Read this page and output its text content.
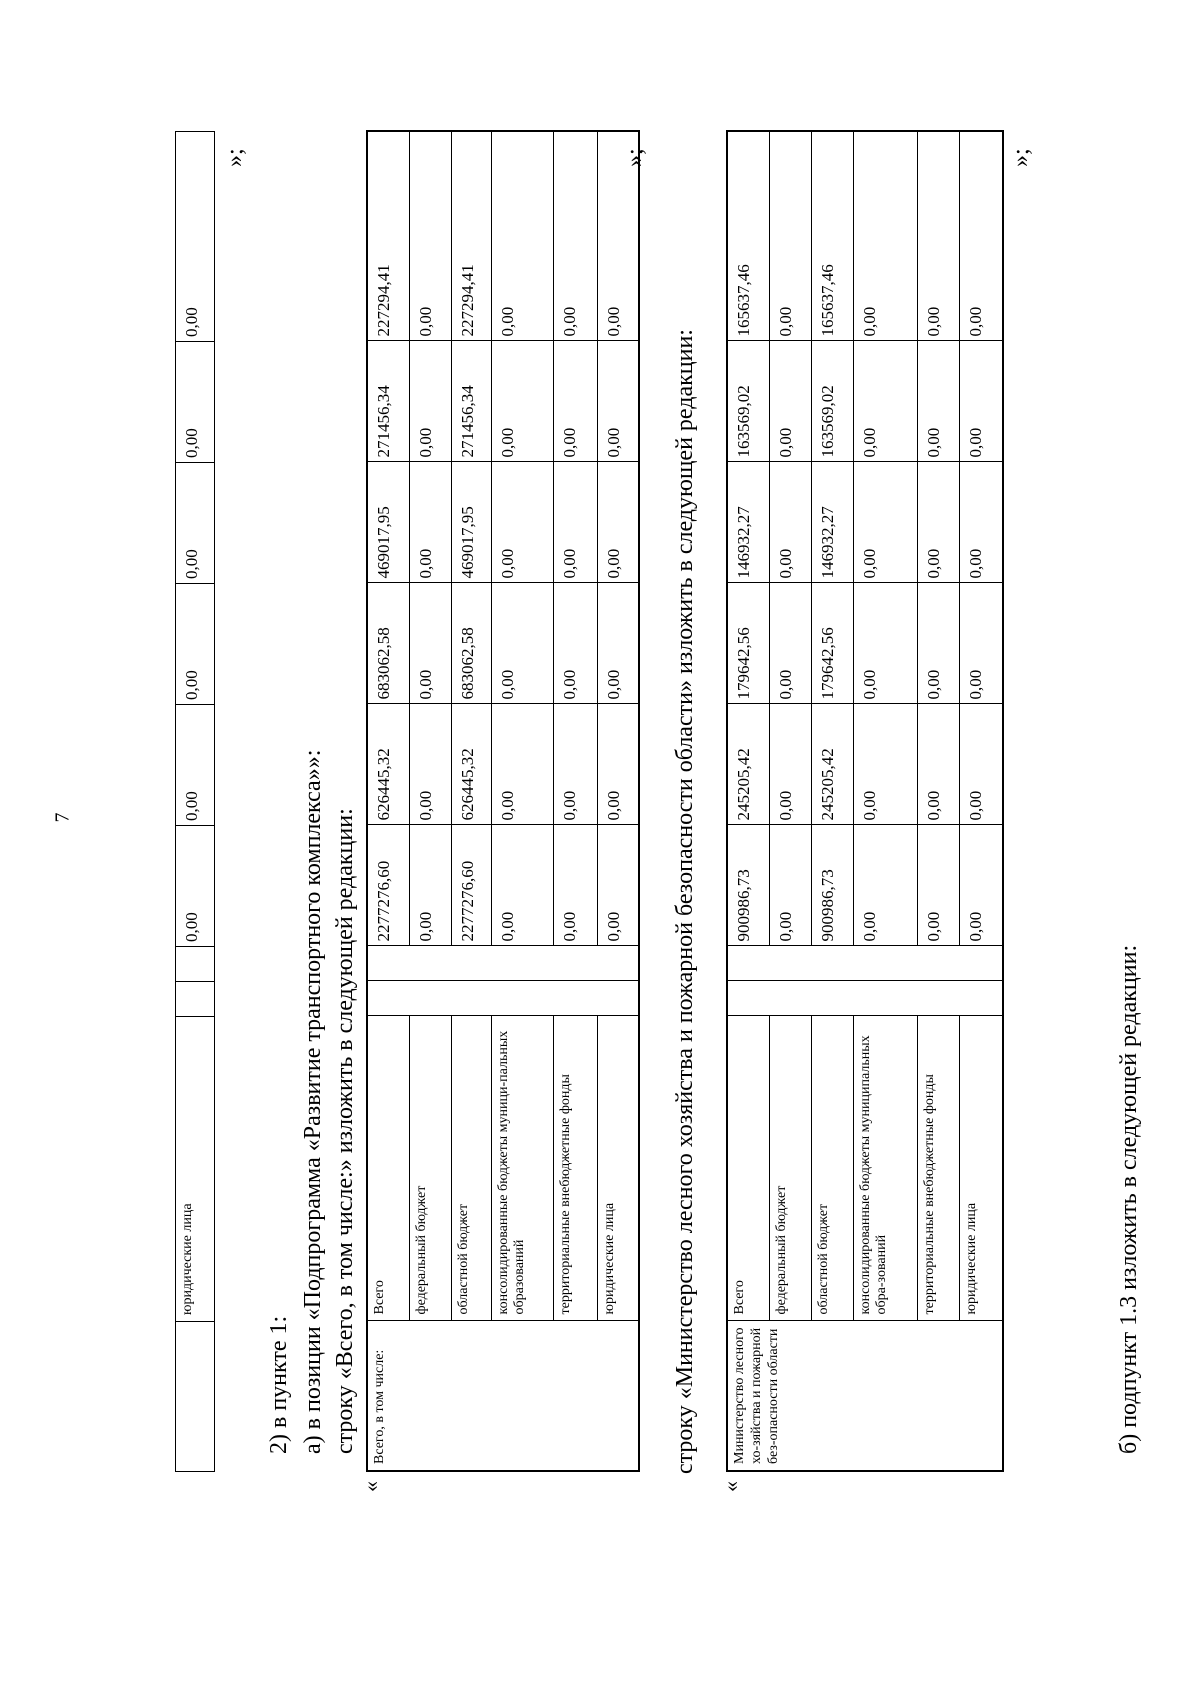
7
	юридические лица			0,00	0,00	0,00	0,00	0,00	0,00
»;
2) в пункте 1: а) в позиции «Подпрограмма «Развитие транспортного комплекса»»: строку «Всего, в том числе:» изложить в следующей редакции:
«
Всего, в том числе:	Всего			2277276,60	626445,32	683062,58	469017,95	271456,34	227294,41
	федеральный бюджет			0,00	0,00	0,00	0,00	0,00	0,00
	областной бюджет			2277276,60	626445,32	683062,58	469017,95	271456,34	227294,41
	консолидированные бюджеты муници-пальных образований			0,00	0,00	0,00	0,00	0,00	0,00
	территориальные внебюджетные фонды			0,00	0,00	0,00	0,00	0,00	0,00
	юридические лица			0,00	0,00	0,00	0,00	0,00	0,00
»;
строку «Министерство лесного хозяйства и пожарной безопасности области» изложить в следующей редакции:
«
Министерство лесного хо-зяйства и пожарной без-опасности области	Всего			900986,73	245205,42	179642,56	146932,27	163569,02	165637,46
	федеральный бюджет			0,00	0,00	0,00	0,00	0,00	0,00
	областной бюджет			900986,73	245205,42	179642,56	146932,27	163569,02	165637,46
	консолидированные бюджеты муниципальных обра-зований			0,00	0,00	0,00	0,00	0,00	0,00
	территориальные внебюджетные фонды			0,00	0,00	0,00	0,00	0,00	0,00
	юридические лица			0,00	0,00	0,00	0,00	0,00	0,00
»;
б) подпункт 1.3 изложить в следующей редакции:
